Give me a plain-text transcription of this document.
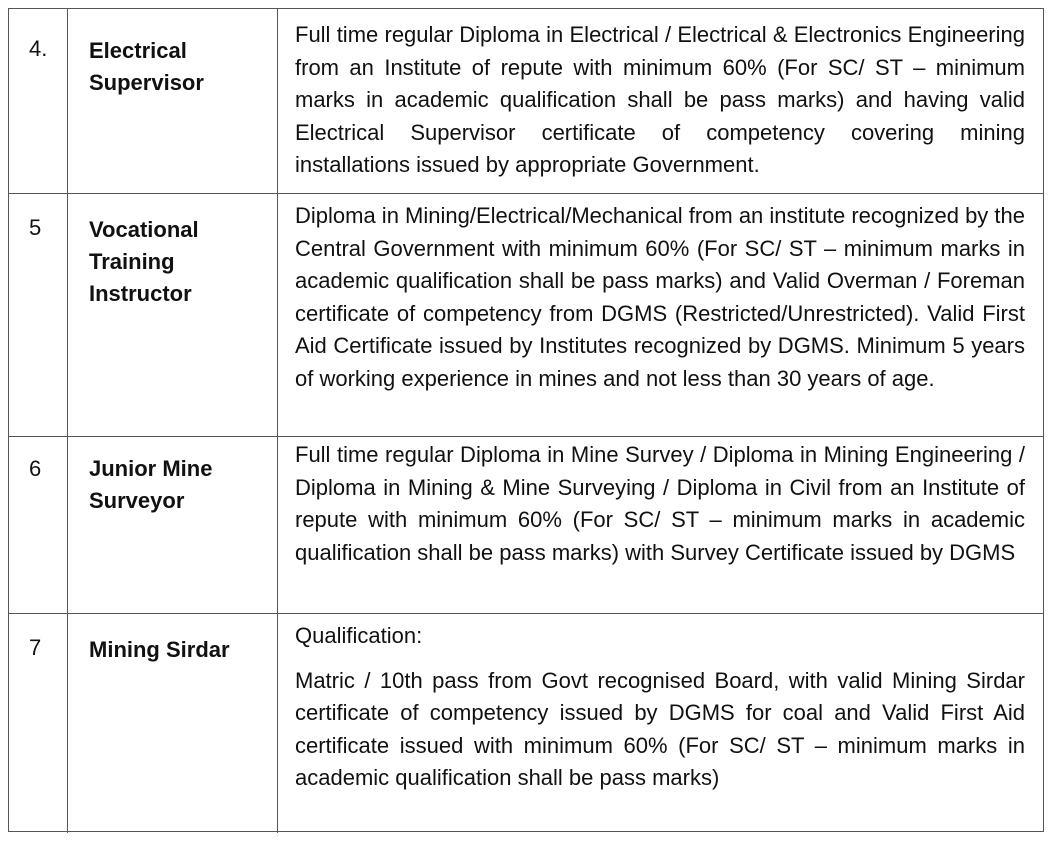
4. Electrical Supervisor
Full time regular Diploma in Electrical / Electrical & Electronics Engineering from an Institute of repute with minimum 60% (For SC/ ST – minimum marks in academic qualification shall be pass marks) and having valid Electrical Supervisor certificate of competency covering mining installations issued by appropriate Government.
5 Vocational Training Instructor
Diploma in Mining/Electrical/Mechanical from an institute recognized by the Central Government with minimum 60% (For SC/ ST – minimum marks in academic qualification shall be pass marks) and Valid Overman / Foreman certificate of competency from DGMS (Restricted/Unrestricted). Valid First Aid Certificate issued by Institutes recognized by DGMS. Minimum 5 years of working experience in mines and not less than 30 years of age.
6 Junior Mine Surveyor
Full time regular Diploma in Mine Survey / Diploma in Mining Engineering / Diploma in Mining & Mine Surveying / Diploma in Civil from an Institute of repute with minimum 60% (For SC/ ST – minimum marks in academic qualification shall be pass marks) with Survey Certificate issued by DGMS
7 Mining Sirdar

Qualification:

Matric / 10th pass from Govt recognised Board, with valid Mining Sirdar certificate of competency issued by DGMS for coal and Valid First Aid certificate issued with minimum 60% (For SC/ ST – minimum marks in academic qualification shall be pass marks)
